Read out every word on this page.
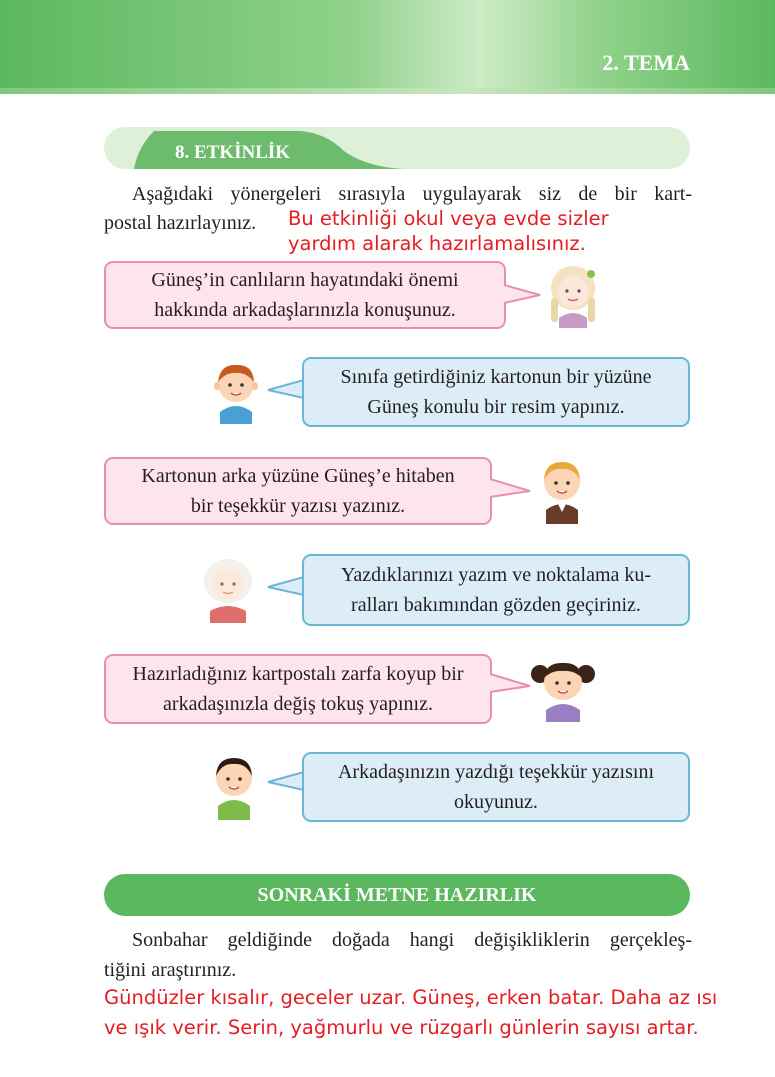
2. TEMA
8. ETKİNLİK
Aşağıdaki yönergeleri sırasıyla uygulayarak siz de bir kart-
postal hazırlayınız.	Bu etkinliği okul veya evde sizler yardım alarak hazırlamalısınız.
Güneş’in canlıların hayatındaki önemi
hakkında arkadaşlarınızla konuşunuz.
Sınıfa getirdiğiniz kartonun bir yüzüne
Güneş konulu bir resim yapınız.
Kartonun arka yüzüne Güneş’e hitaben
bir teşekkür yazısı yazınız.
Yazdıklarınızı yazım ve noktalama ku-
ralları bakımından gözden geçiriniz.
Hazırladığınız kartpostalı zarfa koyup bir
arkadaşınızla değiş tokuş yapınız.
Arkadaşınızın yazdığı teşekkür yazısını
okuyunuz.
SONRAKİ METNE HAZIRLIK
Sonbahar geldiğinde doğada hangi değişikliklerin gerçekleş-
tiğini araştırınız.
Gündüzler kısalır, geceler uzar. Güneş, erken batar. Daha az ısı ve ışık verir. Serin, yağmurlu ve rüzgarlı günlerin sayısı artar.
